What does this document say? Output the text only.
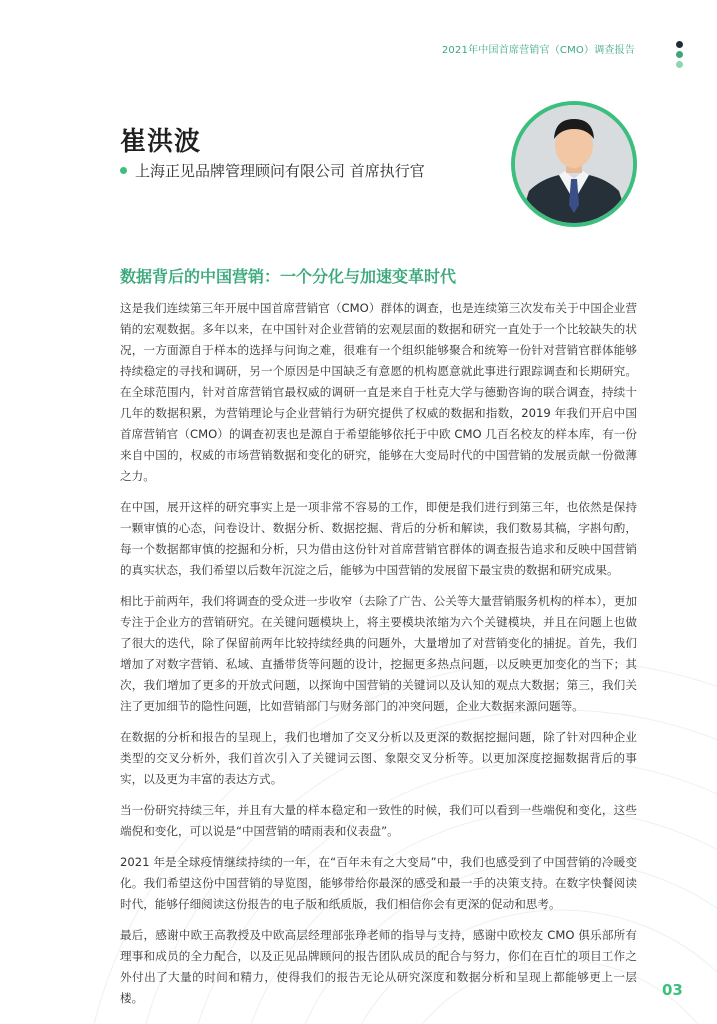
2021年中国首席营销官（CMO）调查报告
崔洪波
上海正见品牌管理顾问有限公司 首席执行官
数据背后的中国营销：一个分化与加速变革时代

这是我们连续第三年开展中国首席营销官（CMO）群体的调查，也是连续第三次发布关于中国企业营销的宏观数据。多年以来，在中国针对企业营销的宏观层面的数据和研究一直处于一个比较缺失的状况，一方面源自于样本的选择与问询之难，很难有一个组织能够聚合和统筹一份针对营销官群体能够持续稳定的寻找和调研，另一个原因是中国缺乏有意愿的机构愿意就此事进行跟踪调查和长期研究。在全球范围内，针对首席营销官最权威的调研一直是来自于杜克大学与德勤咨询的联合调查，持续十几年的数据积累，为营销理论与企业营销行为研究提供了权威的数据和指数，2019 年我们开启中国首席营销官（CMO）的调查初衷也是源自于希望能够依托于中欧 CMO 几百名校友的样本库，有一份来自中国的，权威的市场营销数据和变化的研究，能够在大变局时代的中国营销的发展贡献一份微薄之力。

在中国，展开这样的研究事实上是一项非常不容易的工作，即便是我们进行到第三年，也依然是保持一颗审慎的心态，问卷设计、数据分析、数据挖掘、背后的分析和解读，我们数易其稿，字斟句酌，每一个数据都审慎的挖掘和分析，只为借由这份针对首席营销官群体的调查报告追求和反映中国营销的真实状态，我们希望以后数年沉淀之后，能够为中国营销的发展留下最宝贵的数据和研究成果。

相比于前两年，我们将调查的受众进一步收窄（去除了广告、公关等大量营销服务机构的样本），更加专注于企业方的营销研究。在关键问题模块上，将主要模块浓缩为六个关键模块，并且在问题上也做了很大的迭代，除了保留前两年比较持续经典的问题外，大量增加了对营销变化的捕捉。首先，我们增加了对数字营销、私域、直播带货等问题的设计，挖掘更多热点问题，以反映更加变化的当下；其次，我们增加了更多的开放式问题，以探询中国营销的关键词以及认知的观点大数据；第三，我们关注了更加细节的隐性问题，比如营销部门与财务部门的冲突问题，企业大数据来源问题等。

在数据的分析和报告的呈现上，我们也增加了交叉分析以及更深的数据挖掘问题，除了针对四种企业类型的交叉分析外，我们首次引入了关键词云图、象限交叉分析等。以更加深度挖掘数据背后的事实，以及更为丰富的表达方式。

当一份研究持续三年，并且有大量的样本稳定和一致性的时候，我们可以看到一些端倪和变化，这些端倪和变化，可以说是“中国营销的晴雨表和仪表盘”。

2021 年是全球疫情继续持续的一年，在“百年未有之大变局”中，我们也感受到了中国营销的冷暖变化。我们希望这份中国营销的导览图，能够带给你最深的感受和最一手的决策支持。在数字快餐阅读时代，能够仔细阅读这份报告的电子版和纸质版，我们相信你会有更深的促动和思考。

最后，感谢中欧王高教授及中欧高层经理部张琤老师的指导与支持，感谢中欧校友 CMO 俱乐部所有理事和成员的全力配合，以及正见品牌顾问的报告团队成员的配合与努力，你们在百忙的项目工作之外付出了大量的时间和精力，使得我们的报告无论从研究深度和数据分析和呈现上都能够更上一层楼。	03
